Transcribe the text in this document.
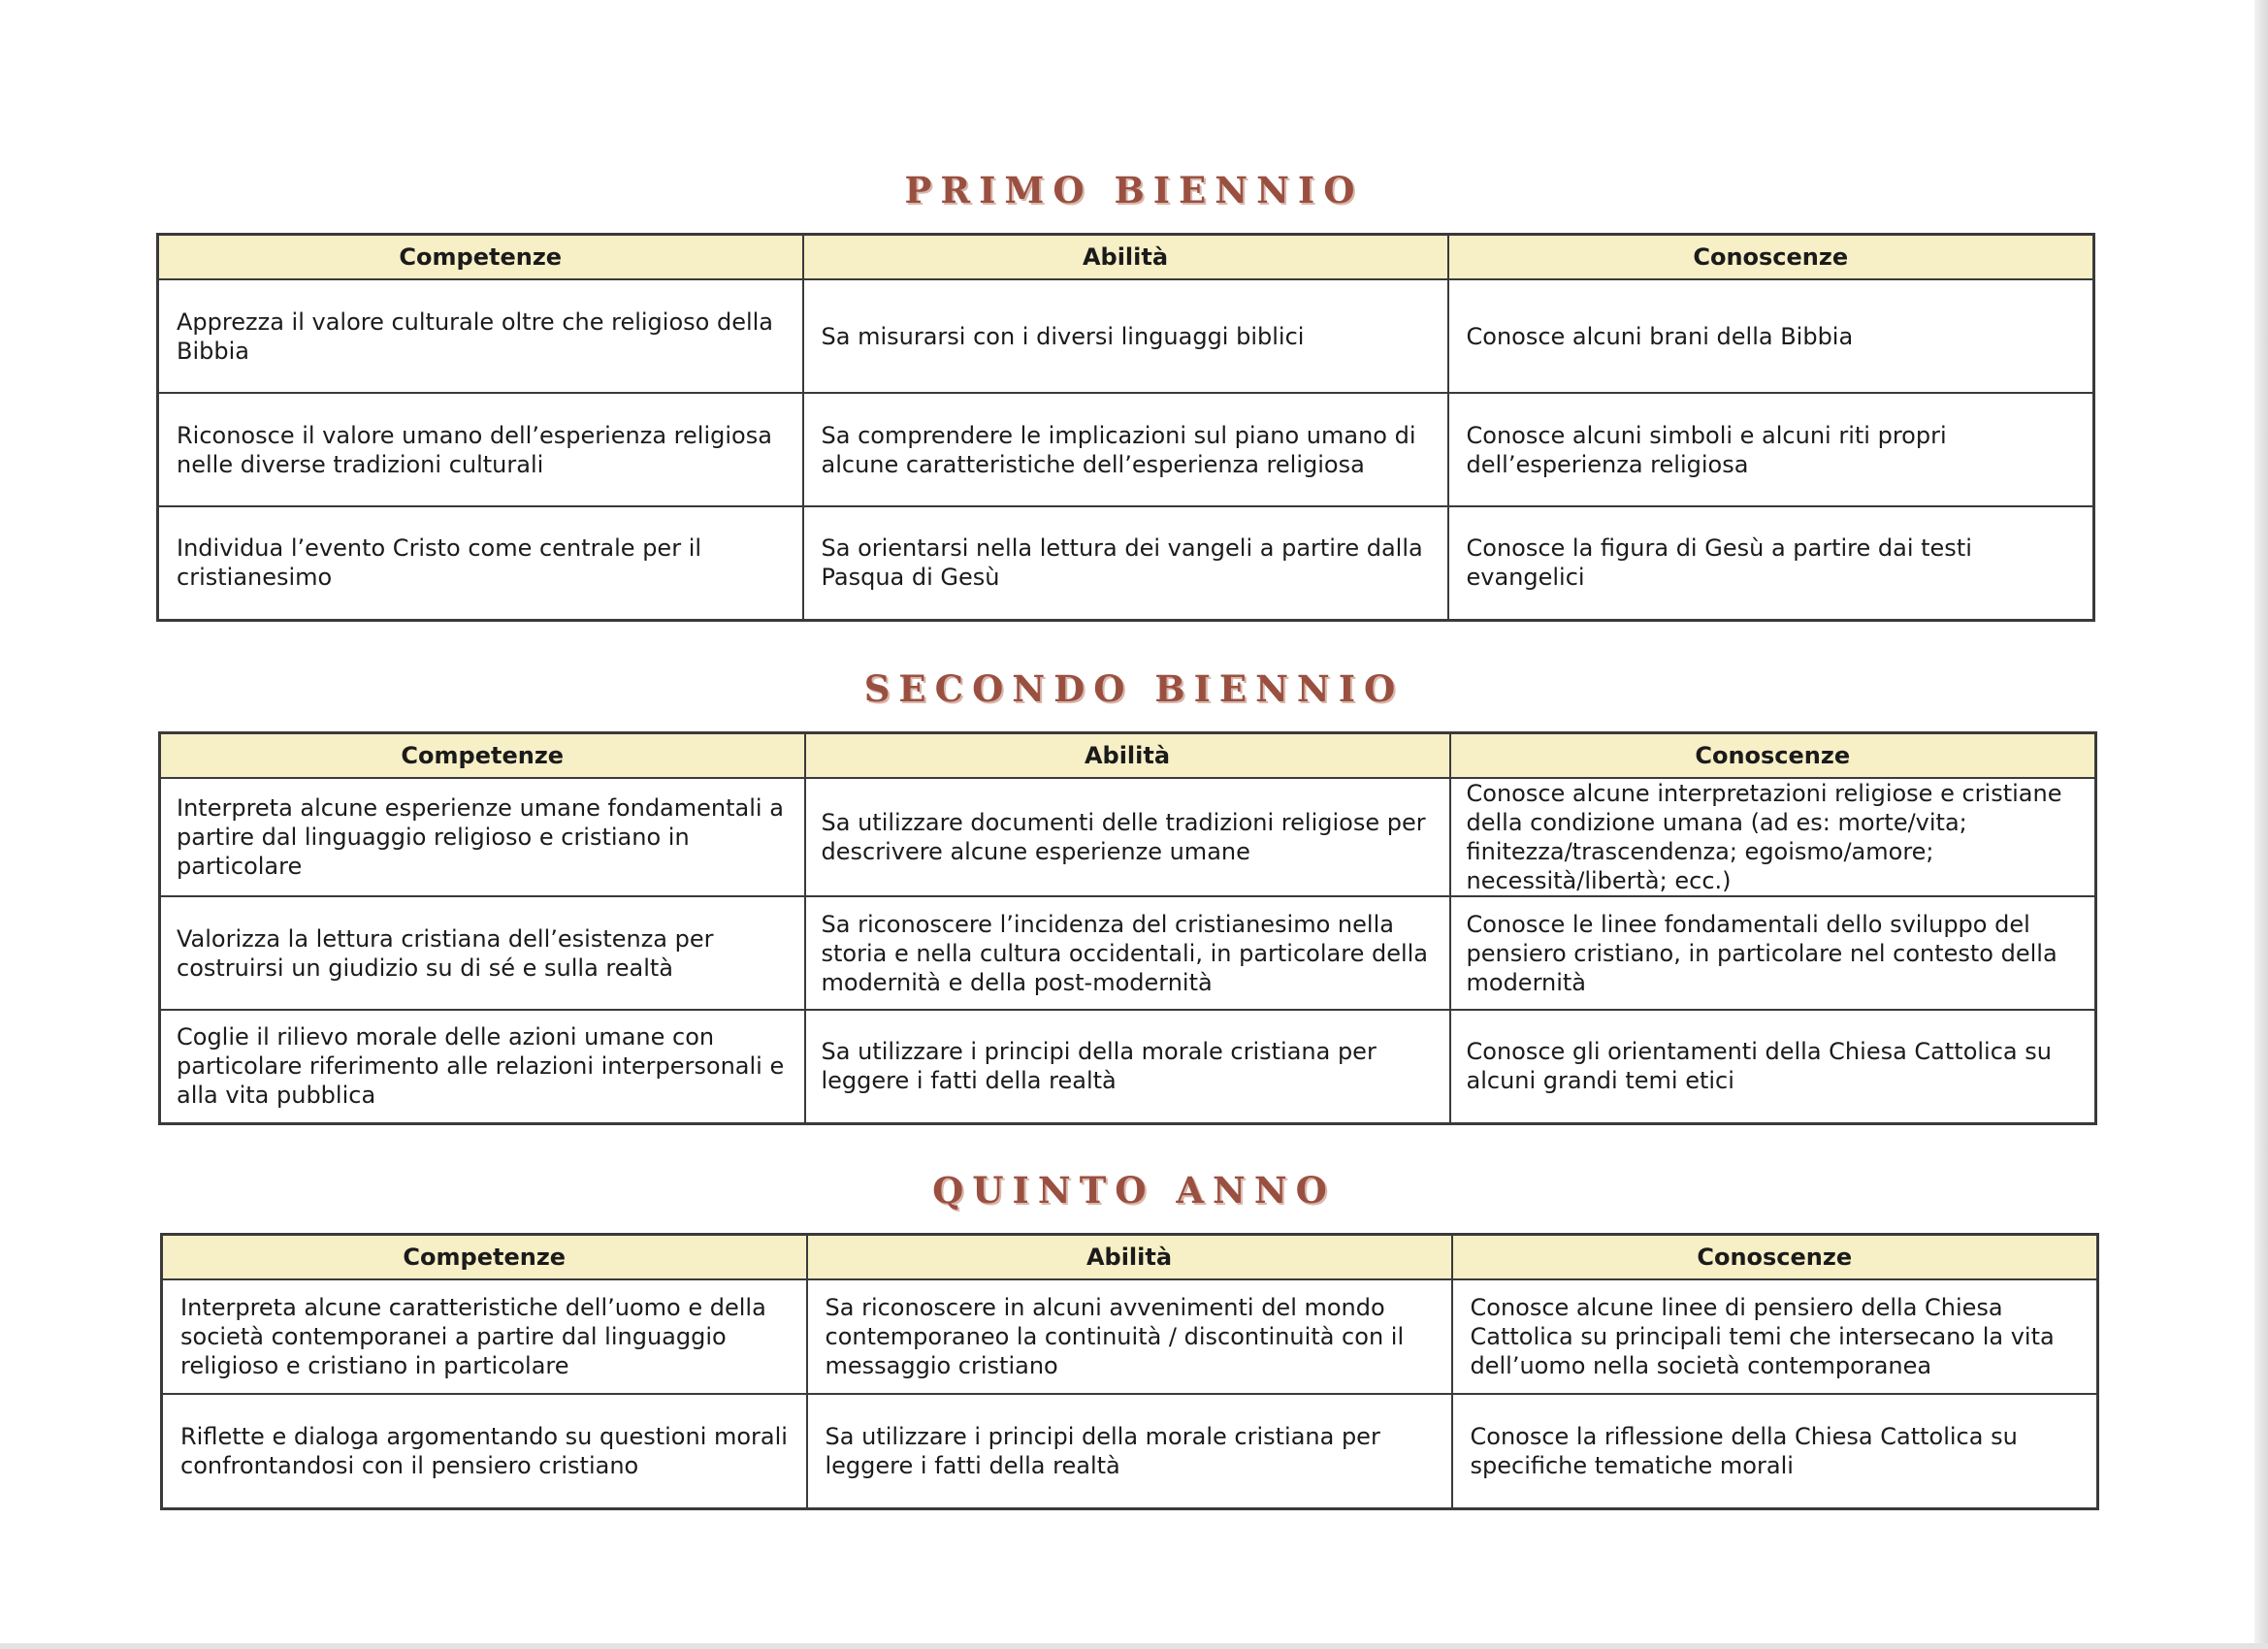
PRIMO BIENNIO
Competenze	Abilità	Conoscenze
Apprezza il valore culturale oltre che religioso della Bibbia	Sa misurarsi con i diversi linguaggi biblici	Conosce alcuni brani della Bibbia
Riconosce il valore umano dell’esperienza religiosa nelle diverse tradizioni culturali	Sa comprendere le implicazioni sul piano umano di alcune caratteristiche dell’esperienza religiosa	Conosce alcuni simboli e alcuni riti propri dell’esperienza religiosa
Individua l’evento Cristo come centrale per il cristianesimo	Sa orientarsi nella lettura dei vangeli a partire dalla Pasqua di Gesù	Conosce la figura di Gesù a partire dai testi evangelici
SECONDO BIENNIO
Competenze	Abilità	Conoscenze
Interpreta alcune esperienze umane fondamentali a partire dal linguaggio religioso e cristiano in particolare	Sa utilizzare documenti delle tradizioni religiose per descrivere alcune esperienze umane	Conosce alcune interpretazioni religiose e cristiane della condizione umana (ad es: morte/vita; finitezza/trascendenza; egoismo/amore; necessità/libertà; ecc.)
Valorizza la lettura cristiana dell’esistenza per costruirsi un giudizio su di sé e sulla realtà	Sa riconoscere l’incidenza del cristianesimo nella storia e nella cultura occidentali, in particolare della modernità e della post-modernità	Conosce le linee fondamentali dello sviluppo del pensiero cristiano, in particolare nel contesto della modernità
Coglie il rilievo morale delle azioni umane con particolare riferimento alle relazioni interpersonali e alla vita pubblica	Sa utilizzare i principi della morale cristiana per leggere i fatti della realtà	Conosce gli orientamenti della Chiesa Cattolica su alcuni grandi temi etici
QUINTO ANNO
Competenze	Abilità	Conoscenze
Interpreta alcune caratteristiche dell’uomo e della società contemporanei a partire dal linguaggio religioso e cristiano in particolare	Sa riconoscere in alcuni avvenimenti del mondo contemporaneo la continuità / discontinuità con il messaggio cristiano	Conosce alcune linee di pensiero della Chiesa Cattolica su principali temi che intersecano la vita dell’uomo nella società contemporanea
Riflette e dialoga argomentando su questioni morali confrontandosi con il pensiero cristiano	Sa utilizzare i principi della morale cristiana per leggere i fatti della realtà	Conosce la riflessione della Chiesa Cattolica su specifiche tematiche morali
